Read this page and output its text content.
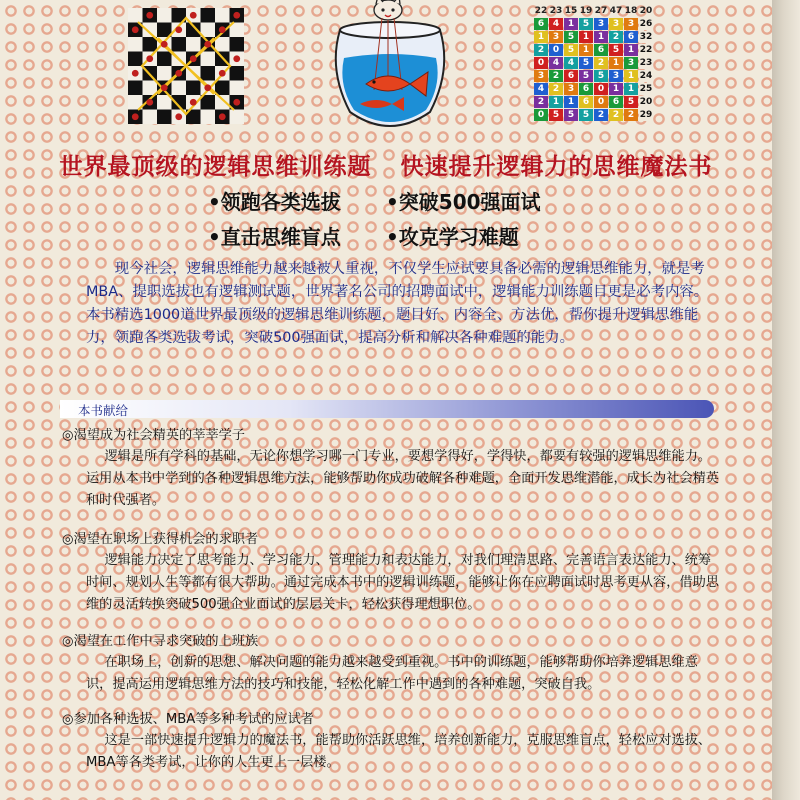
22	23	15	19	27	47	18	20
6	4	1	5	3	3	3	26
1	3	5	1	1	2	6	32
2	0	5	1	6	5	1	22
0	4	4	5	2	1	3	23
3	2	6	5	5	3	1	24
4	2	3	6	0	1	1	25
2	1	1	6	0	6	5	20
0	5	5	5	2	2	2	29
世界最顶级的逻辑思维训练题 快速提升逻辑力的思维魔法书
•领跑各类选拔	•突破500强面试
•直击思维盲点	•攻克学习难题

现今社会，逻辑思维能力越来越被人重视，不仅学生应试要具备必需的逻辑思维能力，就是考MBA、提职选拔也有逻辑测试题，世界著名公司的招聘面试中，逻辑能力训练题目更是必考内容。本书精选1000道世界最顶级的逻辑思维训练题，题目好、内容全、方法优，帮你提升逻辑思维能力，领跑各类选拔考试，突破500强面试，提高分析和解决各种难题的能力。

本书献给
◎渴望成为社会精英的莘莘学子

逻辑是所有学科的基础，无论你想学习哪一门专业，要想学得好，学得快，都要有较强的逻辑思维能力。运用从本书中学到的各种逻辑思维方法，能够帮助你成功破解各种难题，全面开发思维潜能，成长为社会精英和时代强者。

◎渴望在职场上获得机会的求职者

逻辑能力决定了思考能力、学习能力、管理能力和表达能力，对我们理清思路、完善语言表达能力、统筹时间、规划人生等都有很大帮助。通过完成本书中的逻辑训练题，能够让你在应聘面试时思考更从容，借助思维的灵活转换突破500强企业面试的层层关卡，轻松获得理想职位。

◎渴望在工作中寻求突破的上班族

在职场上，创新的思想、解决问题的能力越来越受到重视。书中的训练题，能够帮助你培养逻辑思维意识，提高运用逻辑思维方法的技巧和技能，轻松化解工作中遇到的各种难题，突破自我。

◎参加各种选拔、MBA等多种考试的应试者

这是一部快速提升逻辑力的魔法书，能帮助你活跃思维，培养创新能力，克服思维盲点，轻松应对选拔、MBA等各类考试，让你的人生更上一层楼。
